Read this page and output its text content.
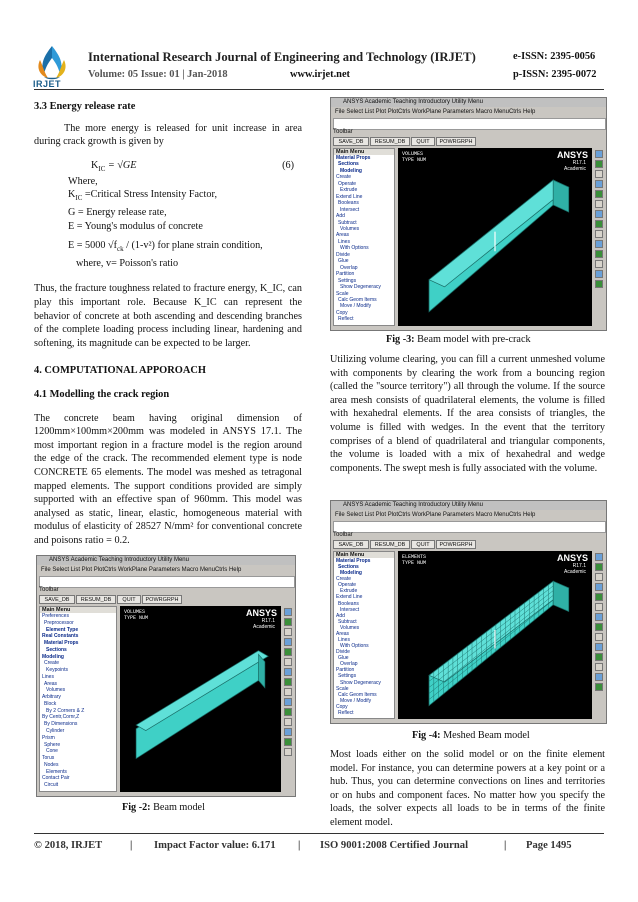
IRJET
International Research Journal of Engineering and Technology (IRJET)	e-ISSN: 2395-0056
Volume: 05 Issue: 01 | Jan-2018	www.irjet.net	p-ISSN: 2395-0072
3.3 Energy release rate
The more energy is released for unit increase in area during crack growth is given by
$K_{IC} = √GE$	(6)
Where,
$K_{IC}$ =Critical Stress Intensity Factor,
G = Energy release rate,
E = Young's modulus of concrete
E = 5000 $√f_{ck} / (1-v^2)$ for plane strain condition,
where, v= Poisson's ratio
Thus, the fracture toughness related to fracture energy, K_IC, can play this important role. Because K_IC can represent the behavior of concrete at both ascending and descending branches of the complete loading process including linear, hardening and softening, its magnitude can be expected to be larger.
4. COMPUTATIONAL APPOROACH
4.1 Modelling the crack region
The concrete beam having original dimension of 1200mm×100mm×200mm was modeled in ANSYS 17.1. The most important region in a fracture model is the region around the edge of the crack. The recommended element type is node CONCRETE 65 elements. The model was meshed as tetragonal mapped elements. The support conditions provided are simply supported with an effective span of 960mm. This model was analysed as static, linear, elastic, homogeneous material with modulus of elasticity of 28527 N/mm² for conventional concrete and poisons ratio = 0.2.
ANSYS Academic Teaching Introductory Utility Menu
File Select List Plot PlotCtrls WorkPlane Parameters Macro MenuCtrls Help
Toolbar
SAVE_DB	RESUM_DB	QUIT	POWRGRPH
Main Menu
Preferences
Preprocessor
Element Type
Real Constants
Material Props
Sections
Modeling
Create
Keypoints
Lines
Areas
Volumes
Arbitrary
Block
By 2 Corners & Z
By Centr,Cornr,Z
By Dimensions
Cylinder
Prism
Sphere
Cone
Torus
Nodes
Elements
Contact Pair
Circuit
VOLUMES
TYPE NUM	ANSYS
R17.1
Academic
Fig -2: Beam model
ANSYS Academic Teaching Introductory Utility Menu
File Select List Plot PlotCtrls WorkPlane Parameters Macro MenuCtrls Help
Toolbar
SAVE_DB	RESUM_DB	QUIT	POWRGRPH
Main Menu
Material Props
Sections
Modeling
Create
Operate
Extrude
Extend Line
Booleans
Intersect
Add
Subtract
Volumes
Areas
Lines
With Options
Divide
Glue
Overlap
Partition
Settings
Show Degeneracy
Scale
Calc Geom Items
Move / Modify
Copy
Reflect
VOLUMES
TYPE NUM	ANSYS
R17.1
Academic
Fig -3: Beam model with pre-crack
Utilizing volume clearing, you can fill a current unmeshed volume with components by clearing the work from a bouncing region (called the "source territory") all through the volume. If the source area mesh consists of quadrilateral elements, the volume is filled with hexahedral elements. If the area consists of triangles, the volume is filled with wedges. In the event that the territory comprises of a blend of quadrilateral and triangular components, the volume is loaded with a mix of hexahedral and wedge components. The swept mesh is fully associated with the volume.
ANSYS Academic Teaching Introductory Utility Menu
File Select List Plot PlotCtrls WorkPlane Parameters Macro MenuCtrls Help
Toolbar
SAVE_DB	RESUM_DB	QUIT	POWRGRPH
Main Menu
Material Props
Sections
Modeling
Create
Operate
Extrude
Extend Line
Booleans
Intersect
Add
Subtract
Volumes
Areas
Lines
With Options
Divide
Glue
Overlap
Partition
Settings
Show Degeneracy
Scale
Calc Geom Items
Move / Modify
Copy
Reflect
ELEMENTS
TYPE NUM	ANSYS
R17.1
Academic
Fig -4: Meshed Beam model
Most loads either on the solid model or on the finite element model. For instance, you can determine powers at a key point or a hub. Thus, you can determine convections on lines and territories or on hubs and component faces. No matter how you specify the loads, the solver expects all loads to be in terms of the finite element model.
© 2018, IRJET	| Impact Factor value: 6.171 | ISO 9001:2008 Certified Journal	| Page 1495
